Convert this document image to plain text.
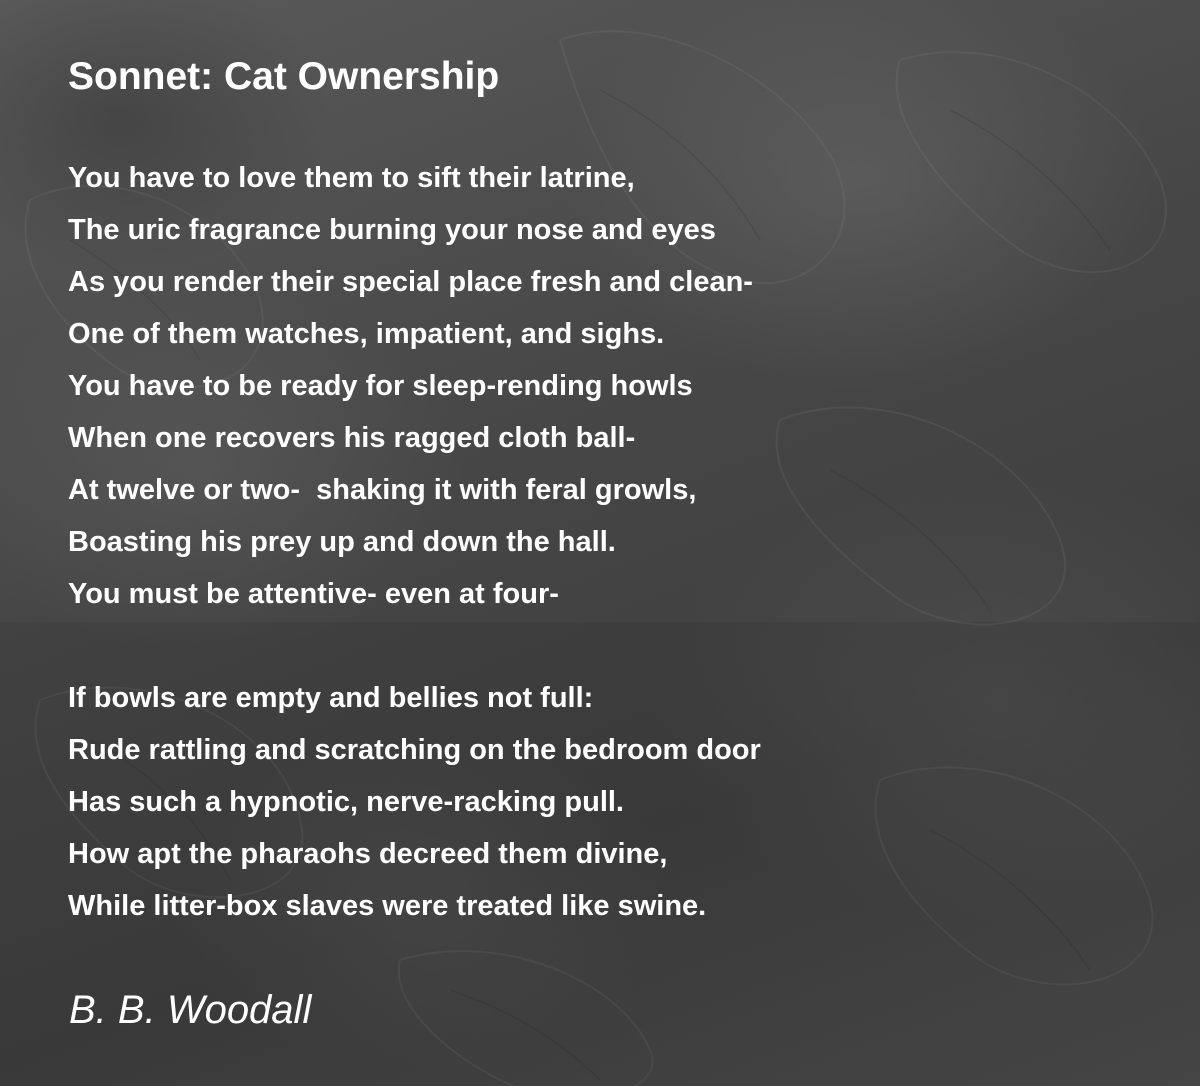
Sonnet: Cat Ownership
You have to love them to sift their latrine,
The uric fragrance burning your nose and eyes
As you render their special place fresh and clean-
One of them watches, impatient, and sighs.
You have to be ready for sleep-rending howls
When one recovers his ragged cloth ball-
At twelve or two-  shaking it with feral growls,
Boasting his prey up and down the hall.
You must be attentive- even at four-
If bowls are empty and bellies not full:
Rude rattling and scratching on the bedroom door
Has such a hypnotic, nerve-racking pull.
How apt the pharaohs decreed them divine,
While litter-box slaves were treated like swine.

B. B. Woodall
